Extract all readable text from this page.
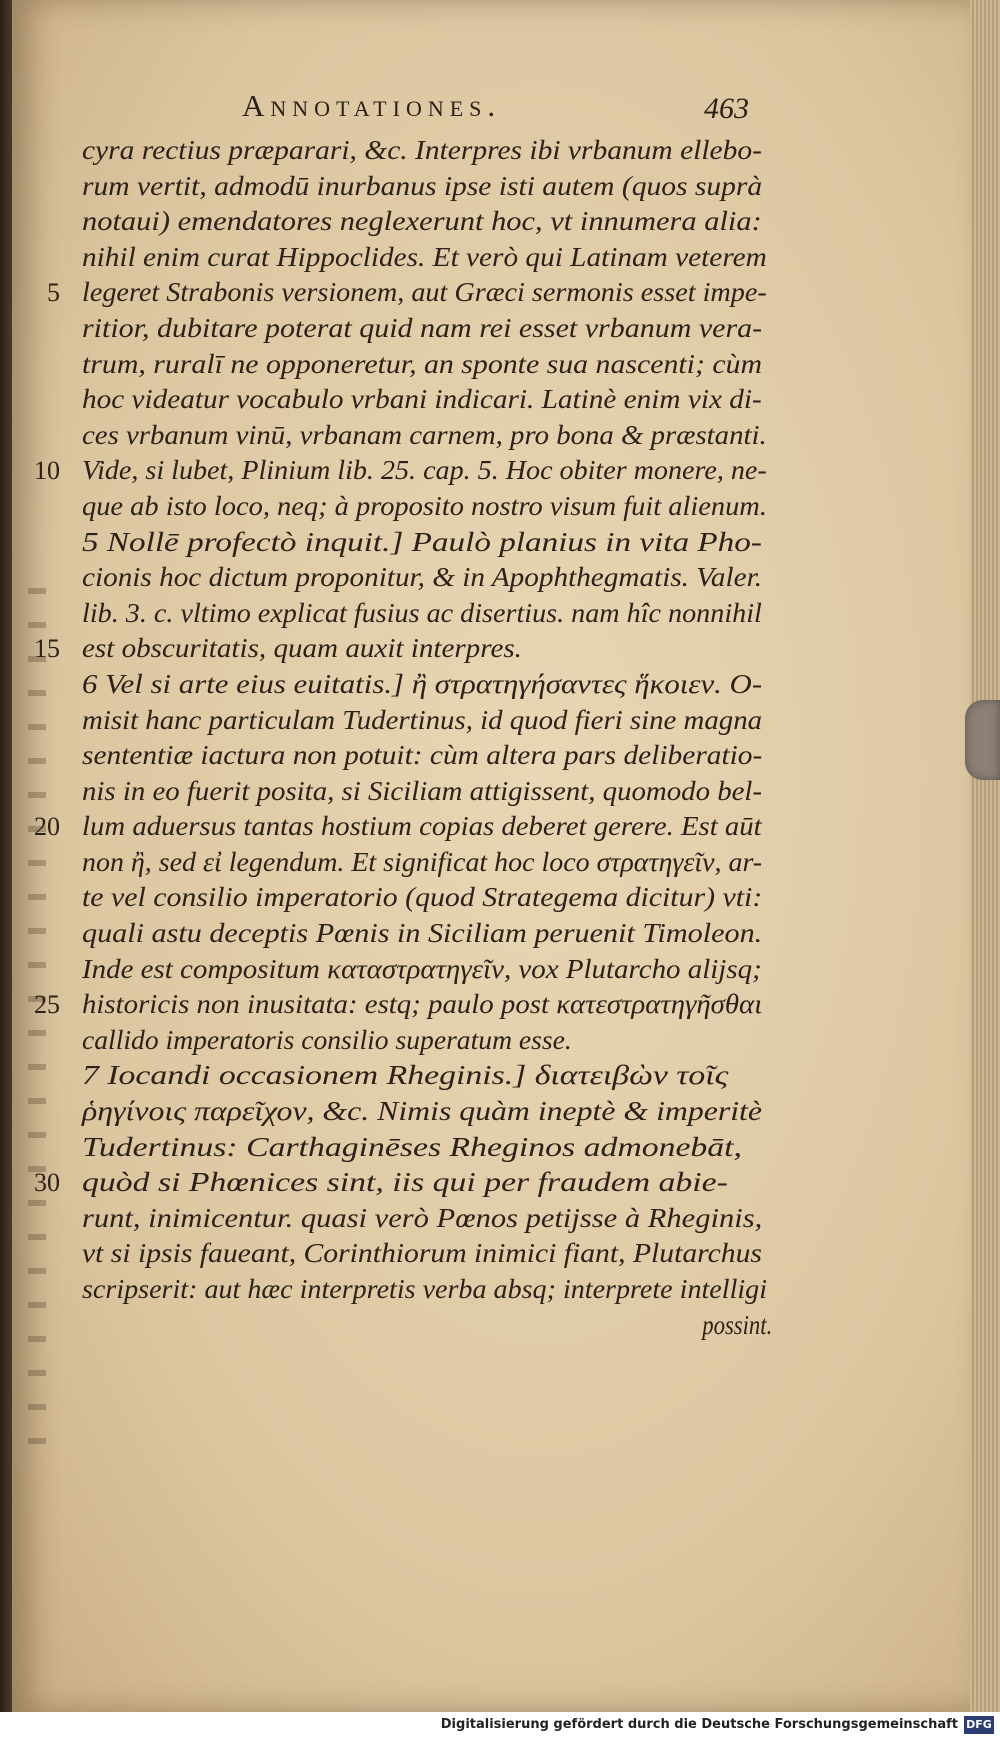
Annotationes.	463
cyra rectius præparari, &c. Interpres ibi vrbanum ellebo-
rum vertit, admodū inurbanus ipse isti autem (quos suprà
notaui) emendatores neglexerunt hoc, vt innumera alia:
nihil enim curat Hippoclides. Et verò qui Latinam veterem
5 legeret Strabonis versionem, aut Græci sermonis esset impe-
ritior, dubitare poterat quid nam rei esset vrbanum vera-
trum, ruralī ne opponeretur, an sponte sua nascenti; cùm
hoc videatur vocabulo vrbani indicari. Latinè enim vix di-
ces vrbanum vinū, vrbanam carnem, pro bona & præstanti.
10 Vide, si lubet, Plinium lib. 25. cap. 5. Hoc obiter monere, ne-
que ab isto loco, neq; à proposito nostro visum fuit alienum.
5 Nollē profectò inquit.] Paulò planius in vita Pho-
cionis hoc dictum proponitur, & in Apophthegmatis. Valer.
lib. 3. c. vltimo explicat fusius ac disertius. nam hîc nonnihil
15 est obscuritatis, quam auxit interpres.
6 Vel si arte eius euitatis.] ἢ στρατηγήσαντες ἥκοιεν. O-
misit hanc particulam Tudertinus, id quod fieri sine magna
sententiæ iactura non potuit: cùm altera pars deliberatio-
nis in eo fuerit posita, si Siciliam attigissent, quomodo bel-
20 lum aduersus tantas hostium copias deberet gerere. Est aūt
non ἢ, sed εἰ legendum. Et significat hoc loco στρατηγεῖν, ar-
te vel consilio imperatorio (quod Strategema dicitur) vti:
quali astu deceptis Pœnis in Siciliam peruenit Timoleon.
Inde est compositum καταστρατηγεῖν, vox Plutarcho alijsq;
25 historicis non inusitata: estq; paulo post κατεστρατηγῆσθαι
callido imperatoris consilio superatum esse.
7 Iocandi occasionem Rheginis.] διατειβὼν τοῖς
ῥηγίνοις παρεῖχον, &c. Nimis quàm ineptè & imperitè
Tudertinus: Carthaginēses Rheginos admonebāt,
30 quòd si Phœnices sint, iis qui per fraudem abie-
runt, inimicentur. quasi verò Pœnos petijsse à Rheginis,
vt si ipsis faueant, Corinthiorum inimici fiant, Plutarchus
scripserit: aut hæc interpretis verba absq; interprete intelligi
possint.
Digitalisierung gefördert durch die Deutsche Forschungsgemeinschaft DFG
